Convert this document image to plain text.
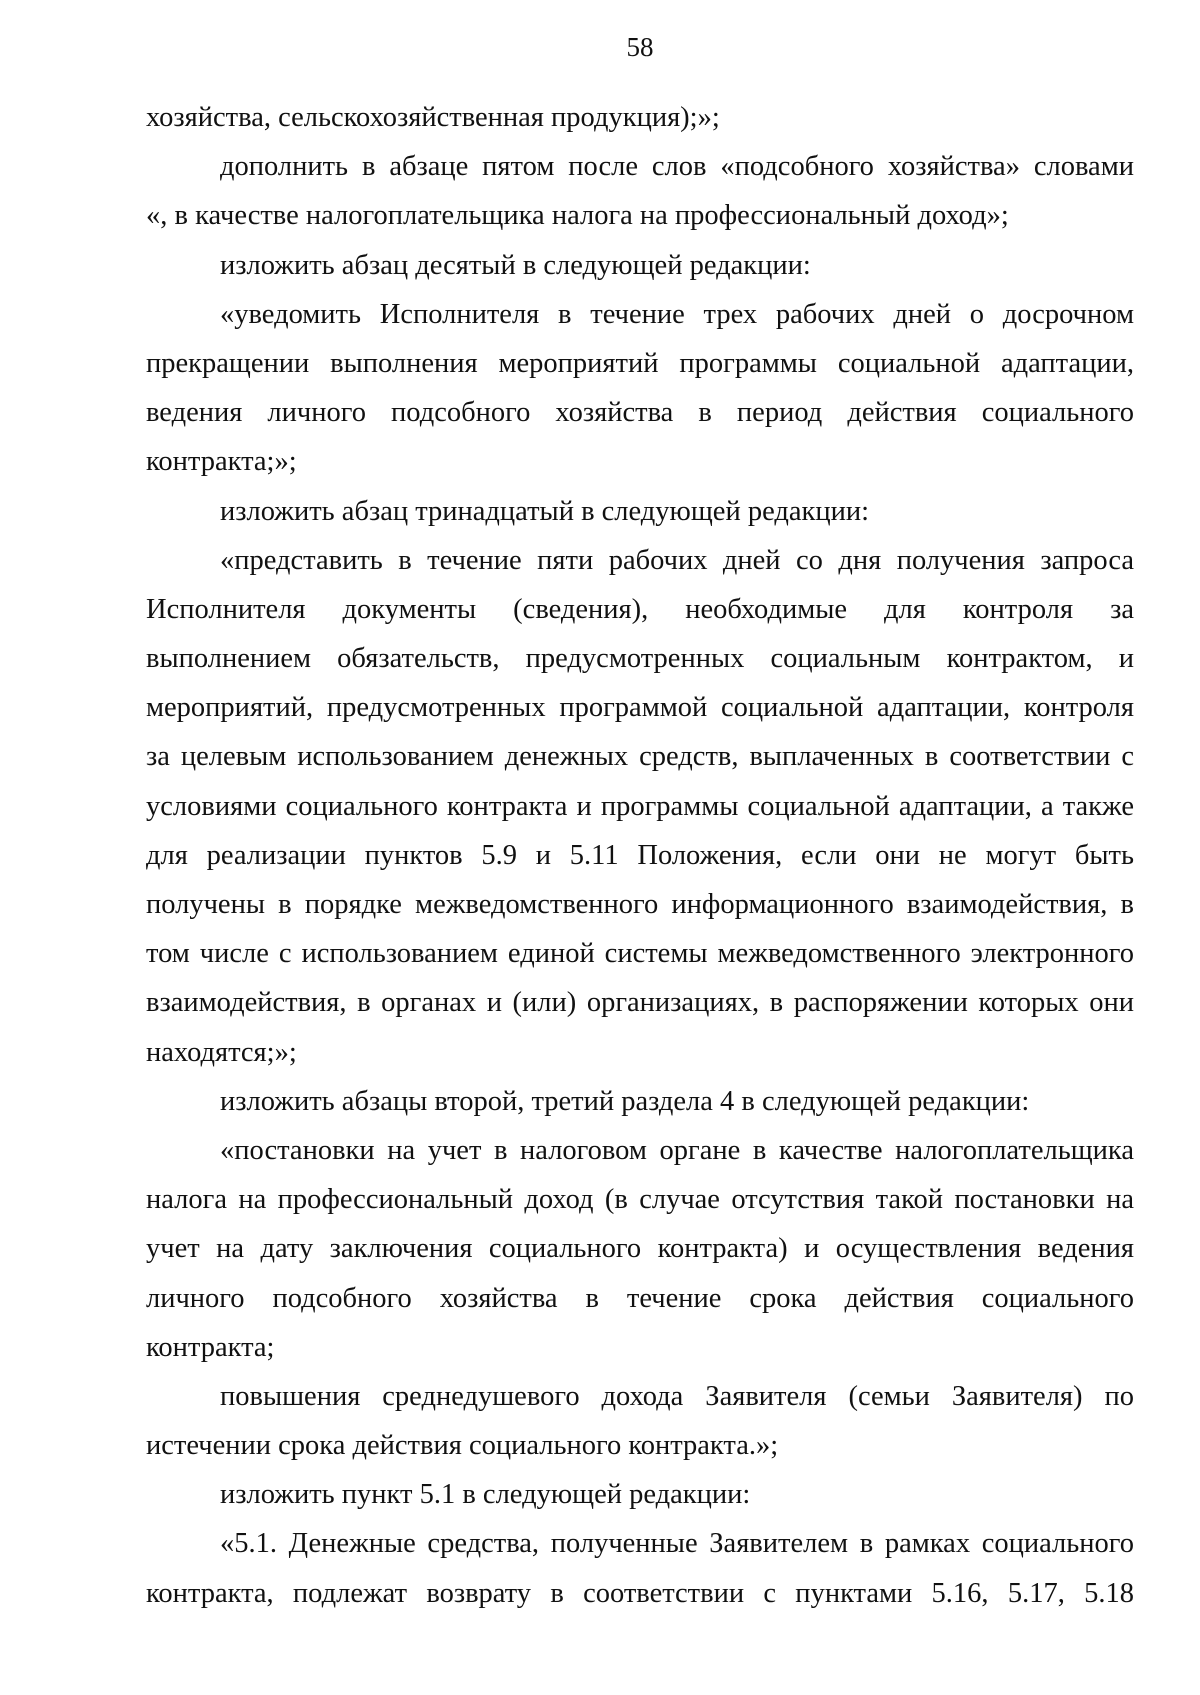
58
хозяйства, сельскохозяйственная продукция);»;
дополнить в абзаце пятом после слов «подсобного хозяйства» словами
«, в качестве налогоплательщика налога на профессиональный доход»;
изложить абзац десятый в следующей редакции:
«уведомить Исполнителя в течение трех рабочих дней о досрочном
прекращении выполнения мероприятий программы социальной адаптации,
ведения личного подсобного хозяйства в период действия социального
контракта;»;
изложить абзац тринадцатый в следующей редакции:
«представить в течение пяти рабочих дней со дня получения запроса
Исполнителя документы (сведения), необходимые для контроля за
выполнением обязательств, предусмотренных социальным контрактом, и
мероприятий, предусмотренных программой социальной адаптации, контроля
за целевым использованием денежных средств, выплаченных в соответствии с
условиями социального контракта и программы социальной адаптации, а также
для реализации пунктов 5.9 и 5.11 Положения, если они не могут быть
получены в порядке межведомственного информационного взаимодействия, в
том числе с использованием единой системы межведомственного электронного
взаимодействия, в органах и (или) организациях, в распоряжении которых они
находятся;»;
изложить абзацы второй, третий раздела 4 в следующей редакции:
«постановки на учет в налоговом органе в качестве налогоплательщика
налога на профессиональный доход (в случае отсутствия такой постановки на
учет на дату заключения социального контракта) и осуществления ведения
личного подсобного хозяйства в течение срока действия социального
контракта;
повышения среднедушевого дохода Заявителя (семьи Заявителя) по
истечении срока действия социального контракта.»;
изложить пункт 5.1 в следующей редакции:
«5.1. Денежные средства, полученные Заявителем в рамках социального
контракта, подлежат возврату в соответствии с пунктами 5.16, 5.17, 5.18
